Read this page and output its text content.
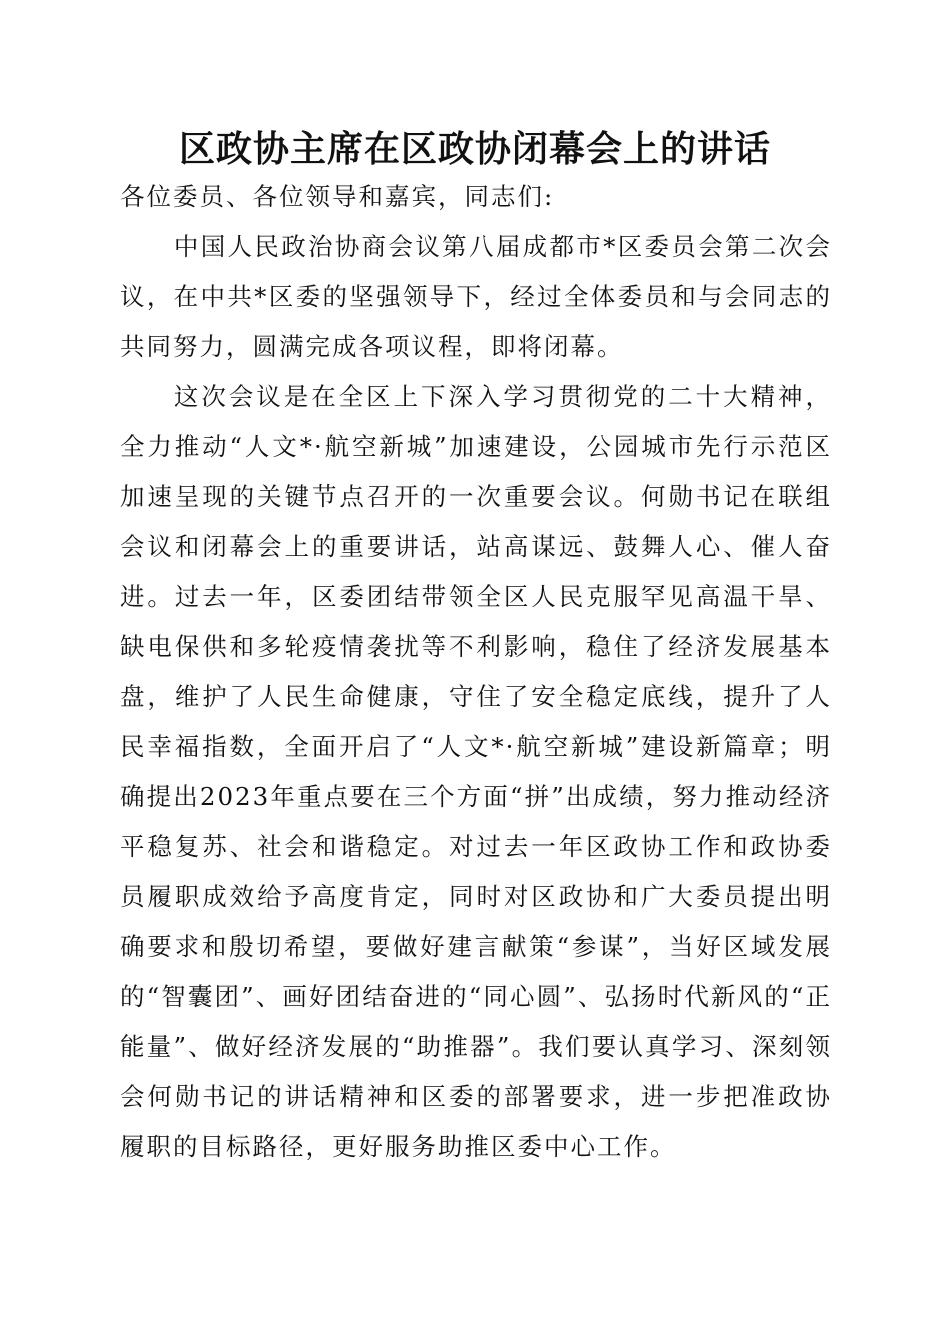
区政协主席在区政协闭幕会上的讲话

各位委员、各位领导和嘉宾，同志们:

中国人民政治协商会议第八届成都市*区委员会第二次会议，在中共*区委的坚强领导下，经过全体委员和与会同志的共同努力，圆满完成各项议程，即将闭幕。

这次会议是在全区上下深入学习贯彻党的二十大精神，全力推动“人文*·航空新城”加速建设，公园城市先行示范区加速呈现的关键节点召开的一次重要会议。何勋书记在联组会议和闭幕会上的重要讲话，站高谋远、鼓舞人心、催人奋进。过去一年，区委团结带领全区人民克服罕见高温干旱、缺电保供和多轮疫情袭扰等不利影响，稳住了经济发展基本盘，维护了人民生命健康，守住了安全稳定底线，提升了人民幸福指数，全面开启了“人文*·航空新城”建设新篇章；明确提出2023年重点要在三个方面“拼”出成绩，努力推动经济平稳复苏、社会和谐稳定。对过去一年区政协工作和政协委员履职成效给予高度肯定，同时对区政协和广大委员提出明确要求和殷切希望，要做好建言献策“参谋”，当好区域发展的“智囊团”、画好团结奋进的“同心圆”、弘扬时代新风的“正能量”、做好经济发展的“助推器”。我们要认真学习、深刻领会何勋书记的讲话精神和区委的部署要求，进一步把准政协履职的目标路径，更好服务助推区委中心工作。
